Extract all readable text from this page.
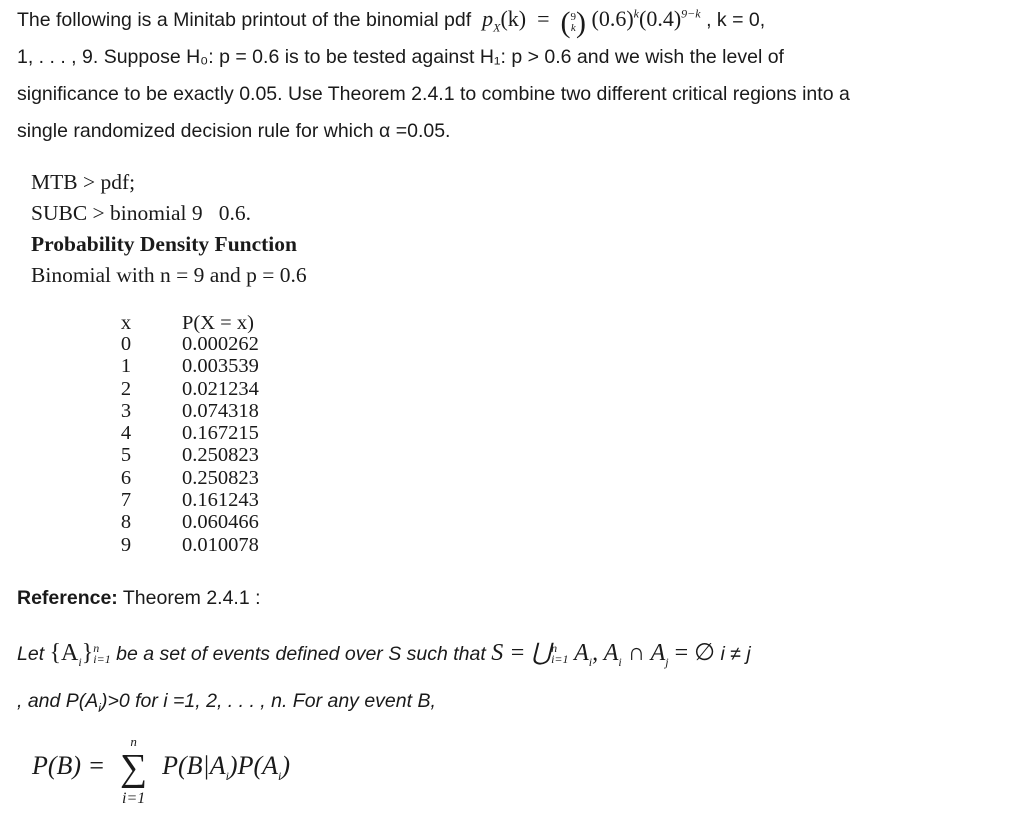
The following is a Minitab printout of the binomial pdf $p_X(k) = (9$
k) $(0.6)^k(0.4)^{9-k}$ , k = 0,
1, . . . , 9. Suppose H₀: p = 0.6 is to be tested against H₁: p > 0.6 and we wish the level of
significance to be exactly 0.05. Use Theorem 2.4.1 to combine two different critical regions into a
single randomized decision rule for which α =0.05.

MTB > pdf;
SUBC > binomial 9   0.6.
Probability Density Function
Binomial with n = 9 and p = 0.6
x P(X = x)
0 0.000262
1 0.003539
2 0.021234
3 0.074318
4 0.167215
5 0.250823
6 0.250823
7 0.161243
8 0.060466
9 0.010078
Reference: Theorem 2.4.1 :
Let $\{A_i\}n$
i=1 be a set of events defined over S such that S = ⋃n
i=1 $A_i$, $A_i$ ∩ $A_j$ = ∅ i ≠ j
, and $P(A_i)>0$ for i =1, 2, . . . , n. For any event B,
P(B) =
n
∑
i=1
$P(B|A_i)P(A_i)$
